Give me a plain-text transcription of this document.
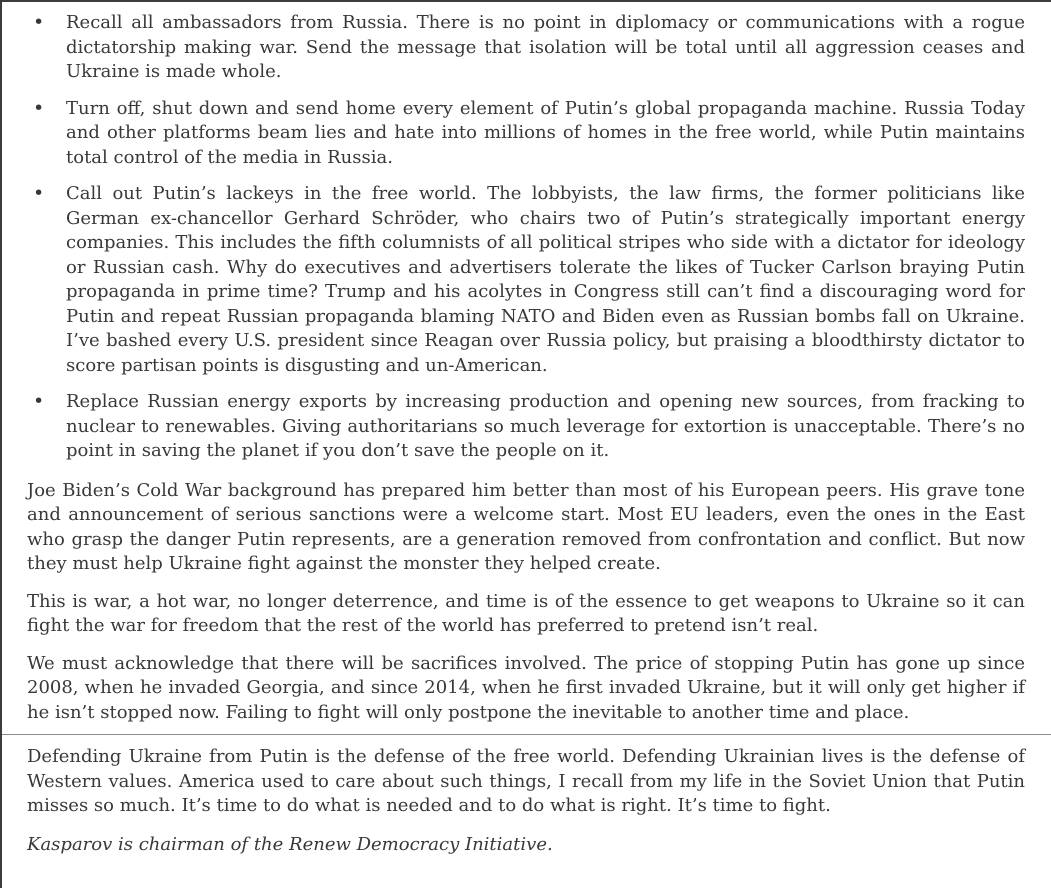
• Recall all ambassadors from Russia. There is no point in diplomacy or communications with a rogue dictatorship making war. Send the message that isolation will be total until all aggression ceases and Ukraine is made whole.
• Turn off, shut down and send home every element of Putin’s global propaganda machine. Russia Today and other platforms beam lies and hate into millions of homes in the free world, while Putin maintains total control of the media in Russia.
• Call out Putin’s lackeys in the free world. The lobbyists, the law firms, the former politicians like German ex-chancellor Gerhard Schröder, who chairs two of Putin’s strategically important energy companies. This includes the fifth columnists of all political stripes who side with a dictator for ideology or Russian cash. Why do executives and advertisers tolerate the likes of Tucker Carlson braying Putin propaganda in prime time? Trump and his acolytes in Congress still can’t find a discouraging word for Putin and repeat Russian propaganda blaming NATO and Biden even as Russian bombs fall on Ukraine. I’ve bashed every U.S. president since Reagan over Russia policy, but praising a bloodthirsty dictator to score partisan points is disgusting and un-American.
• Replace Russian energy exports by increasing production and opening new sources, from fracking to nuclear to renewables. Giving authoritarians so much leverage for extortion is unacceptable. There’s no point in saving the planet if you don’t save the people on it.

Joe Biden’s Cold War background has prepared him better than most of his European peers. His grave tone and announcement of serious sanctions were a welcome start. Most EU leaders, even the ones in the East who grasp the danger Putin represents, are a generation removed from confrontation and conflict. But now they must help Ukraine fight against the monster they helped create.

This is war, a hot war, no longer deterrence, and time is of the essence to get weapons to Ukraine so it can fight the war for freedom that the rest of the world has preferred to pretend isn’t real.

We must acknowledge that there will be sacrifices involved. The price of stopping Putin has gone up since 2008, when he invaded Georgia, and since 2014, when he first invaded Ukraine, but it will only get higher if he isn’t stopped now. Failing to fight will only postpone the inevitable to another time and place.

Defending Ukraine from Putin is the defense of the free world. Defending Ukrainian lives is the defense of Western values. America used to care about such things, I recall from my life in the Soviet Union that Putin misses so much. It’s time to do what is needed and to do what is right. It’s time to fight.

Kasparov is chairman of the Renew Democracy Initiative.
